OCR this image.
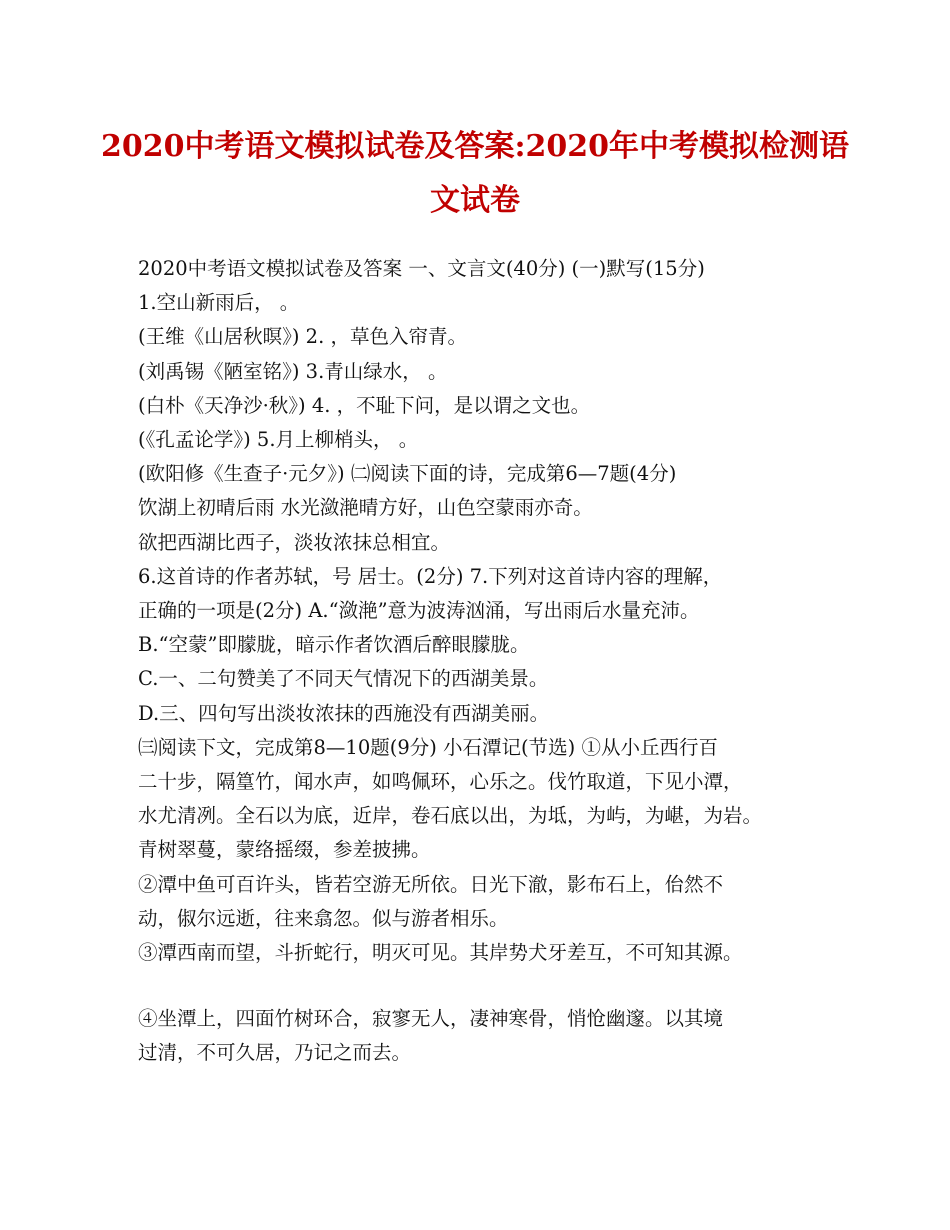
2020中考语文模拟试卷及答案:2020年中考模拟检测语文试卷
2020中考语文模拟试卷及答案 一、文言文(40分) (一)默写(15分)
1.空山新雨后， 。
(王维《山居秋暝》) 2. ，草色入帘青。
(刘禹锡《陋室铭》) 3.青山绿水， 。
(白朴《天净沙·秋》) 4. ，不耻下问，是以谓之文也。
(《孔孟论学》) 5.月上柳梢头， 。
(欧阳修《生查子·元夕》) ㈡阅读下面的诗，完成第6—7题(4分)
饮湖上初晴后雨 水光潋滟晴方好，山色空蒙雨亦奇。
欲把西湖比西子，淡妆浓抹总相宜。
6.这首诗的作者苏轼，号 居士。(2分) 7.下列对这首诗内容的理解，
正确的一项是(2分) A.“潋滟”意为波涛汹涌，写出雨后水量充沛。
B.“空蒙”即朦胧，暗示作者饮酒后醉眼朦胧。
C.一、二句赞美了不同天气情况下的西湖美景。
D.三、四句写出淡妆浓抹的西施没有西湖美丽。
㈢阅读下文，完成第8—10题(9分) 小石潭记(节选) ①从小丘西行百
二十步，隔篁竹，闻水声，如鸣佩环，心乐之。伐竹取道，下见小潭，
水尤清冽。全石以为底，近岸，卷石底以出，为坻，为屿，为嵁，为岩。
青树翠蔓，蒙络摇缀，参差披拂。
②潭中鱼可百许头，皆若空游无所依。日光下澈，影布石上，佁然不
动，俶尔远逝，往来翕忽。似与游者相乐。
③潭西南而望，斗折蛇行，明灭可见。其岸势犬牙差互，不可知其源。
④坐潭上，四面竹树环合，寂寥无人，凄神寒骨，悄怆幽邃。以其境
过清，不可久居，乃记之而去。
